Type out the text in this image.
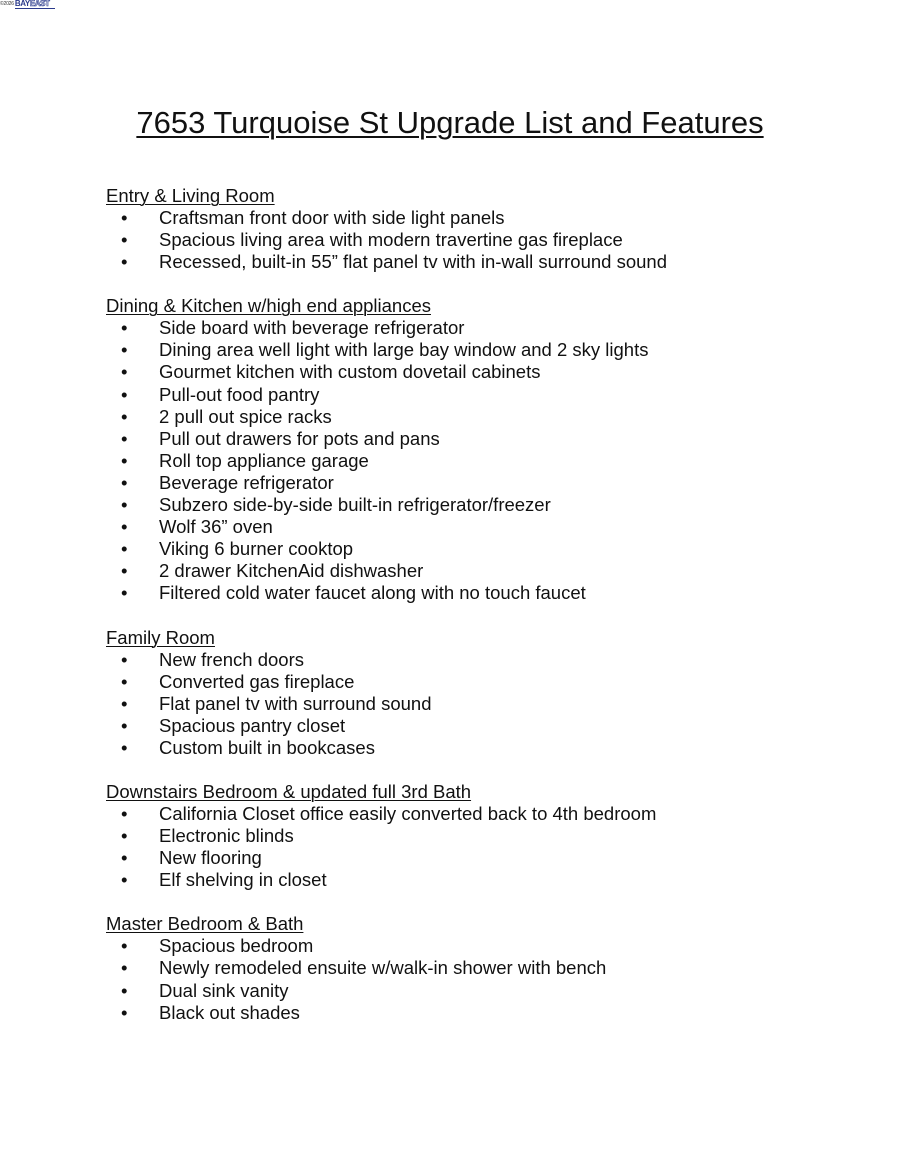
©2026 BAYEAST
7653 Turquoise St Upgrade List and Features
Entry & Living Room
• Craftsman front door with side light panels
• Spacious living area with modern travertine gas fireplace
• Recessed, built-in 55” flat panel tv with in-wall surround sound
Dining & Kitchen w/high end appliances
• Side board with beverage refrigerator
• Dining area well light with large bay window and 2 sky lights
• Gourmet kitchen with custom dovetail cabinets
• Pull-out food pantry
• 2 pull out spice racks
• Pull out drawers for pots and pans
• Roll top appliance garage
• Beverage refrigerator
• Subzero side-by-side built-in refrigerator/freezer
• Wolf 36” oven
• Viking 6 burner cooktop
• 2 drawer KitchenAid dishwasher
• Filtered cold water faucet along with no touch faucet
Family Room
• New french doors
• Converted gas fireplace
• Flat panel tv with surround sound
• Spacious pantry closet
• Custom built in bookcases
Downstairs Bedroom & updated full 3rd Bath
• California Closet office easily converted back to 4th bedroom
• Electronic blinds
• New flooring
• Elf shelving in closet
Master Bedroom & Bath
• Spacious bedroom
• Newly remodeled ensuite w/walk-in shower with bench
• Dual sink vanity
• Black out shades
